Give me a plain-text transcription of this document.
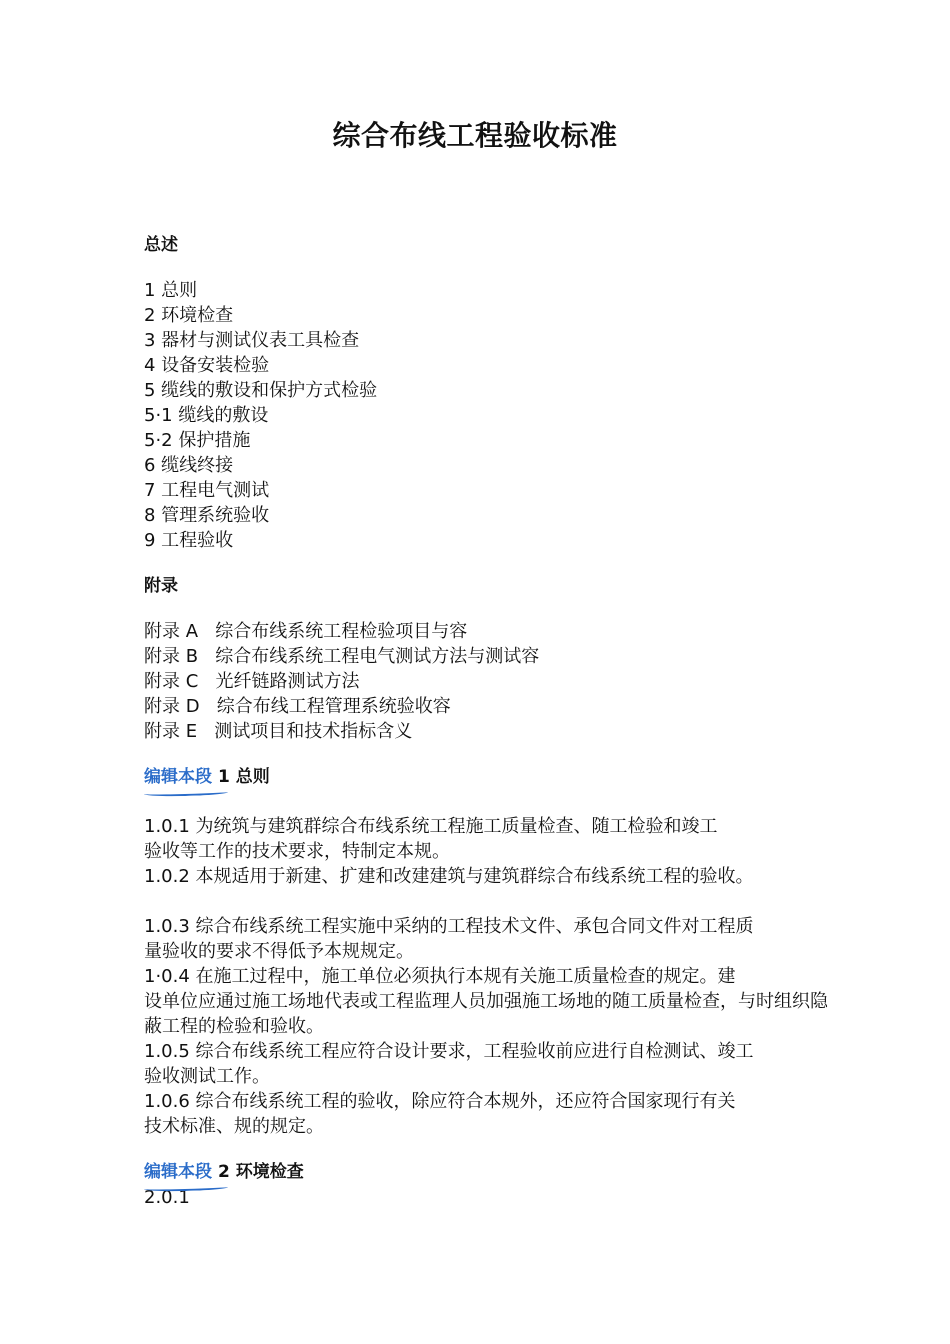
综合布线工程验收标准
总述
1 总则
2 环境检查
3 器材与测试仪表工具检查
4 设备安装检验
5 缆线的敷设和保护方式检验
5·1 缆线的敷设
5·2 保护措施
6 缆线终接
7 工程电气测试
8 管理系统验收
9 工程验收
附录
附录 A 综合布线系统工程检验项目与容
附录 B 综合布线系统工程电气测试方法与测试容
附录 C 光纤链路测试方法
附录 D 综合布线工程管理系统验收容
附录 E 测试项目和技术指标含义
编辑本段 1 总则
1.0.1 为统筑与建筑群综合布线系统工程施工质量检查、随工检验和竣工
验收等工作的技术要求，特制定本规。
1.0.2 本规适用于新建、扩建和改建建筑与建筑群综合布线系统工程的验收。
1.0.3 综合布线系统工程实施中采纳的工程技术文件、承包合同文件对工程质
量验收的要求不得低予本规规定。
1·0.4 在施工过程中，施工单位必须执行本规有关施工质量检查的规定。建
设单位应通过施工场地代表或工程监理人员加强施工场地的随工质量检查，与时组织隐
蔽工程的检验和验收。
1.0.5 综合布线系统工程应符合设计要求，工程验收前应进行自检测试、竣工
验收测试工作。
1.0.6 综合布线系统工程的验收，除应符合本规外，还应符合国家现行有关
技术标准、规的规定。
编辑本段 2 环境检查
2.0.1
